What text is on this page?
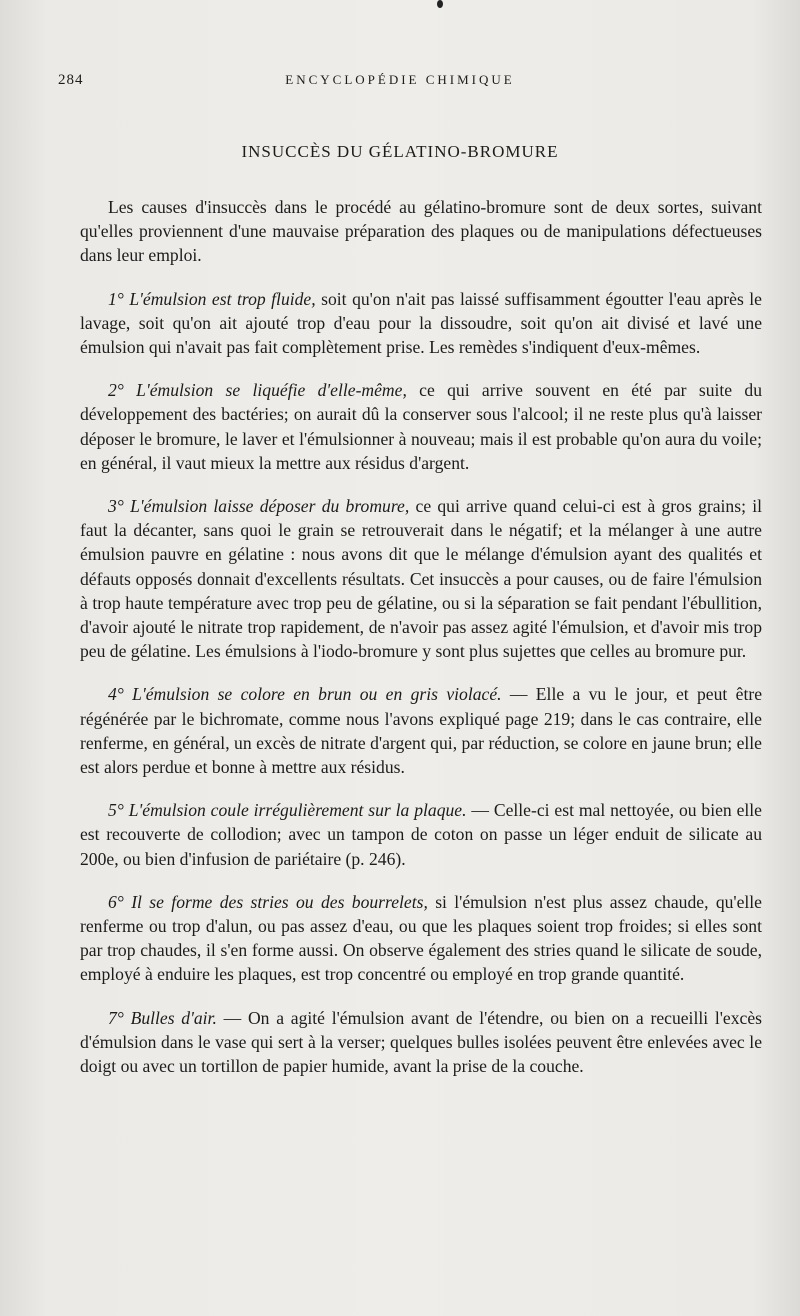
284	ENCYCLOPÉDIE CHIMIQUE
INSUCCÈS DU GÉLATINO-BROMURE

Les causes d'insuccès dans le procédé au gélatino-bromure sont de deux sortes, suivant qu'elles proviennent d'une mauvaise préparation des plaques ou de manipulations défectueuses dans leur emploi.

1° L'émulsion est trop fluide, soit qu'on n'ait pas laissé suffisamment égoutter l'eau après le lavage, soit qu'on ait ajouté trop d'eau pour la dissoudre, soit qu'on ait divisé et lavé une émulsion qui n'avait pas fait complètement prise. Les remèdes s'indiquent d'eux-mêmes.

2° L'émulsion se liquéfie d'elle-même, ce qui arrive souvent en été par suite du développement des bactéries; on aurait dû la conserver sous l'alcool; il ne reste plus qu'à laisser déposer le bromure, le laver et l'émulsionner à nouveau; mais il est probable qu'on aura du voile; en général, il vaut mieux la mettre aux résidus d'argent.

3° L'émulsion laisse déposer du bromure, ce qui arrive quand celui-ci est à gros grains; il faut la décanter, sans quoi le grain se retrouverait dans le négatif; et la mélanger à une autre émulsion pauvre en gélatine : nous avons dit que le mélange d'émulsion ayant des qualités et défauts opposés donnait d'excellents résultats. Cet insuccès a pour causes, ou de faire l'émulsion à trop haute température avec trop peu de gélatine, ou si la séparation se fait pendant l'ébullition, d'avoir ajouté le nitrate trop rapidement, de n'avoir pas assez agité l'émulsion, et d'avoir mis trop peu de gélatine. Les émulsions à l'iodo-bromure y sont plus sujettes que celles au bromure pur.

4° L'émulsion se colore en brun ou en gris violacé. — Elle a vu le jour, et peut être régénérée par le bichromate, comme nous l'avons expliqué page 219; dans le cas contraire, elle renferme, en général, un excès de nitrate d'argent qui, par réduction, se colore en jaune brun; elle est alors perdue et bonne à mettre aux résidus.

5° L'émulsion coule irrégulièrement sur la plaque. — Celle-ci est mal nettoyée, ou bien elle est recouverte de collodion; avec un tampon de coton on passe un léger enduit de silicate au 200e, ou bien d'infusion de pariétaire (p. 246).

6° Il se forme des stries ou des bourrelets, si l'émulsion n'est plus assez chaude, qu'elle renferme ou trop d'alun, ou pas assez d'eau, ou que les plaques soient trop froides; si elles sont par trop chaudes, il s'en forme aussi. On observe également des stries quand le silicate de soude, employé à enduire les plaques, est trop concentré ou employé en trop grande quantité.

7° Bulles d'air. — On a agité l'émulsion avant de l'étendre, ou bien on a recueilli l'excès d'émulsion dans le vase qui sert à la verser; quelques bulles isolées peuvent être enlevées avec le doigt ou avec un tortillon de papier humide, avant la prise de la couche.
